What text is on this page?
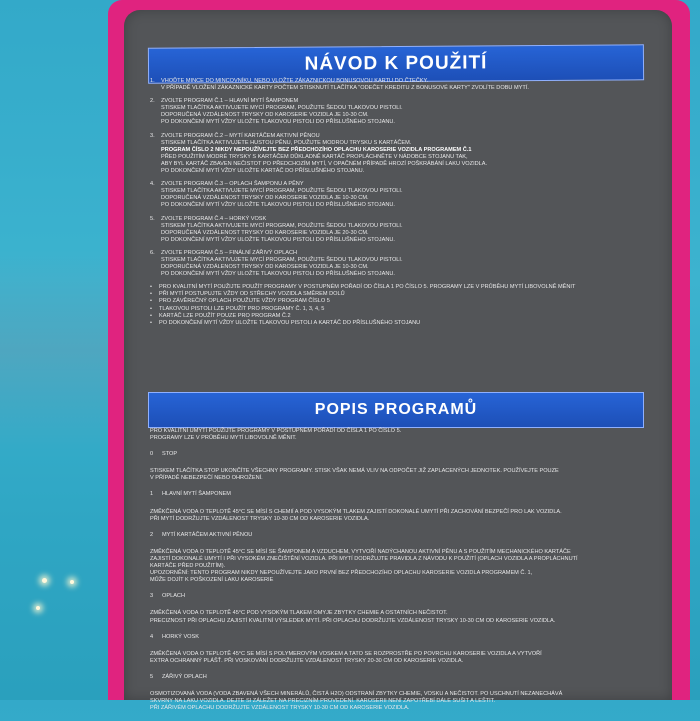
NÁVOD K POUŽITÍ
1. VHOĎTE MINCE DO MINCOVNÍKU, NEBO VLOŽTE ZÁKAZNICKOU BONUSOVOU KARTU DO ČTEČKY.
V PŘÍPADĚ VLOŽENÍ ZÁKAZNICKÉ KARTY POČTEM STISKNUTÍ TLAČÍTKA "ODEČET KREDITU Z BONUSOVÉ KARTY" ZVOLÍTE DOBU MYTÍ.
2. ZVOLTE PROGRAM Č.1 – HLAVNÍ MYTÍ ŠAMPONEM
STISKEM TLAČÍTKA AKTIVUJETE MYCÍ PROGRAM, POUŽIJTE ŠEDOU TLAKOVOU PISTOLI.
DOPORUČENÁ VZDÁLENOST TRYSKY OD KAROSERIE VOZIDLA JE 10-30 CM.
PO DOKONČENÍ MYTÍ VŽDY ULOŽTE TLAKOVOU PISTOLI DO PŘÍSLUŠNÉHO STOJANU.
3. ZVOLTE PROGRAM Č.2 – MYTÍ KARTÁČEM AKTIVNÍ PĚNOU
STISKEM TLAČÍTKA AKTIVUJETE HUSTOU PĚNU, POUŽIJTE MODROU TRYSKU S KARTÁČEM.
PROGRAM ČÍSLO 2 NIKDY NEPOUŽÍVEJTE BEZ PŘEDCHOZÍHO OPLACHU KAROSERIE VOZIDLA PROGRAMEM Č.1
PŘED POUŽITÍM MODRÉ TRYSKY S KARTÁČEM DŮKLADNĚ KARTÁČ PROPLÁCHNĚTE V NÁDOBCE STOJANU TAK,
ABY BYL KARTÁČ ZBAVEN NEČISTOT PO PŘEDCHOZÍM MYTÍ, V OPAČNÉM PŘÍPADĚ HROZÍ POŠKRÁBÁNÍ LAKU VOZIDLA.
PO DOKONČENÍ MYTÍ VŽDY ULOŽTE KARTÁČ DO PŘÍSLUŠNÉHO STOJANU.
4. ZVOLTE PROGRAM Č.3 – OPLACH ŠAMPONU A PĚNY
STISKEM TLAČÍTKA AKTIVUJETE MYCÍ PROGRAM, POUŽIJTE ŠEDOU TLAKOVOU PISTOLI.
DOPORUČENÁ VZDÁLENOST TRYSKY OD KAROSERIE VOZIDLA JE 10-30 CM.
PO DOKONČENÍ MYTÍ VŽDY ULOŽTE TLAKOVOU PISTOLI DO PŘÍSLUŠNÉHO STOJANU.
5. ZVOLTE PROGRAM Č.4 – HORKÝ VOSK
STISKEM TLAČÍTKA AKTIVUJETE MYCÍ PROGRAM, POUŽIJTE ŠEDOU TLAKOVOU PISTOLI.
DOPORUČENÁ VZDÁLENOST TRYSKY OD KAROSERIE VOZIDLA JE 20-30 CM.
PO DOKONČENÍ MYTÍ VŽDY ULOŽTE TLAKOVOU PISTOLI DO PŘÍSLUŠNÉHO STOJANU.
6. ZVOLTE PROGRAM Č.5 – FINÁLNÍ ZÁŘIVÝ OPLACH
STISKEM TLAČÍTKA AKTIVUJETE MYCÍ PROGRAM, POUŽIJTE ŠEDOU TLAKOVOU PISTOLI.
DOPORUČENÁ VZDÁLENOST TRYSKY OD KAROSERIE VOZIDLA JE 10-30 CM.
PO DOKONČENÍ MYTÍ VŽDY ULOŽTE TLAKOVOU PISTOLI DO PŘÍSLUŠNÉHO STOJANU.
• PRO KVALITNÍ MYTÍ POUŽIJTE POUŽÍT PROGRAMY V POSTUPNÉM POŘADÍ OD ČÍSLA 1 PO ČÍSLO 5. PROGRAMY LZE V PRŮBĚHU MYTÍ LIBOVOLNĚ MĚNIT
• PŘI MYTÍ POSTUPUJTE VŽDY OD STŘECHY VOZIDLA SMĚREM DOLŮ
• PRO ZÁVĚREČNÝ OPLACH POUŽIJTE VŽDY PROGRAM ČÍSLO 5
• TLAKOVOU PISTOLI LZE POUŽÍT PRO PROGRAMY Č. 1, 3, 4, 5
• KARTÁČ LZE POUŽÍT POUZE PRO PROGRAM Č.2
• PO DOKONČENÍ MYTÍ VŽDY ULOŽTE TLAKOVOU PISTOLI A KARTÁČ DO PŘÍSLUŠNÉHO STOJANU
POPIS PROGRAMŮ
PRO KVALITNÍ UMYTÍ POUŽIJTE PROGRAMY V POSTUPNÉM POŘADÍ OD ČÍSLA 1 PO ČÍSLO 5.
PROGRAMY LZE V PRŮBĚHU MYTÍ LIBOVOLNĚ MĚNIT.
0 STOP
STISKEM TLAČÍTKA STOP UKONČÍTE VŠECHNY PROGRAMY. STISK VŠAK NEMÁ VLIV NA ODPOČET JIŽ ZAPLACENÝCH JEDNOTEK. POUŽÍVEJTE POUZE
V PŘÍPADĚ NEBEZPEČÍ NEBO OHROŽENÍ.
1 HLAVNÍ MYTÍ ŠAMPONEM
ZMĚKČENÁ VODA O TEPLOTĚ 45°C SE MÍSÍ S CHEMIÍ A POD VYSOKÝM TLAKEM ZAJISTÍ DOKONALÉ UMYTÍ PŘI ZACHOVÁNÍ BEZPEČÍ PRO LAK VOZIDLA.
PŘI MYTÍ DODRŽUJTE VZDÁLENOST TRYSKY 10-30 CM OD KAROSERIE VOZIDLA.
2 MYTÍ KARTÁČEM AKTIVNÍ PĚNOU
ZMĚKČENÁ VODA O TEPLOTĚ 45°C SE MÍSÍ SE ŠAMPONEM A VZDUCHEM, VYTVOŘÍ NADÝCHANOU AKTIVNÍ PĚNU A S POUŽITÍM MECHANICKÉHO KARTÁČE
ZAJISTÍ DOKONALÉ UMYTÍ I PŘI VYSOKÉM ZNEČIŠTĚNÍ VOZIDLA. PŘI MYTÍ DODRŽUJTE PRAVIDLA Z NÁVODU K POUŽITÍ (OPLACH VOZIDLA A PROPLÁCHNUTÍ
KARTÁČE PŘED POUŽITÍM).
UPOZORNĚNÍ: TENTO PROGRAM NIKDY NEPOUŽÍVEJTE JAKO PRVNÍ BEZ PŘEDCHOZÍHO OPLACHU KAROSERIE VOZIDLA PROGRAMEM Č. 1,
MŮŽE DOJÍT K POŠKOZENÍ LAKU KAROSERIE
3 OPLACH
ZMĚKČENÁ VODA O TEPLOTĚ 45°C POD VYSOKÝM TLAKEM OMYJE ZBYTKY CHEMIE A OSTATNÍCH NEČISTOT.
PRECIZNOST PŘI OPLACHU ZAJISTÍ KVALITNÍ VÝSLEDEK MYTÍ. PŘI OPLACHU DODRŽUJTE VZDÁLENOST TRYSKY 10-30 CM OD KAROSERIE VOZIDLA.
4 HORKÝ VOSK
ZMĚKČENÁ VODA O TEPLOTĚ 45°C SE MÍSÍ S POLYMEROVÝM VOSKEM A TATO SE ROZPROSTŘE PO POVRCHU KAROSERIE VOZIDLA A VYTVOŘÍ
EXTRA OCHRANNÝ PLÁŠŤ. PŘI VOSKOVÁNÍ DODRŽUJTE VZDÁLENOST TRYSKY 20-30 CM OD KAROSERIE VOZIDLA.
5 ZÁŘIVÝ OPLACH
OSMOTIZOVANÁ VODA (VODA ZBAVENÁ VŠECH MINERÁLŮ, ČISTÁ H2O) ODSTRANÍ ZBYTKY CHEMIE, VOSKU A NEČISTOT. PO USCHNUTÍ NEZANECHÁVÁ
SKVRNY NA LAKU VOZIDLA. DEJTE SI ZÁLEŽET NA PRECIZNÍM PROVEDENÍ. KAROSERII NENÍ ZAPOTŘEBÍ DÁLE SUŠIT A LEŠTIT.
PŘI ZÁŘIVÉM OPLACHU DODRŽUJTE VZDÁLENOST TRYSKY 10-30 CM OD KAROSERIE VOZIDLA.
